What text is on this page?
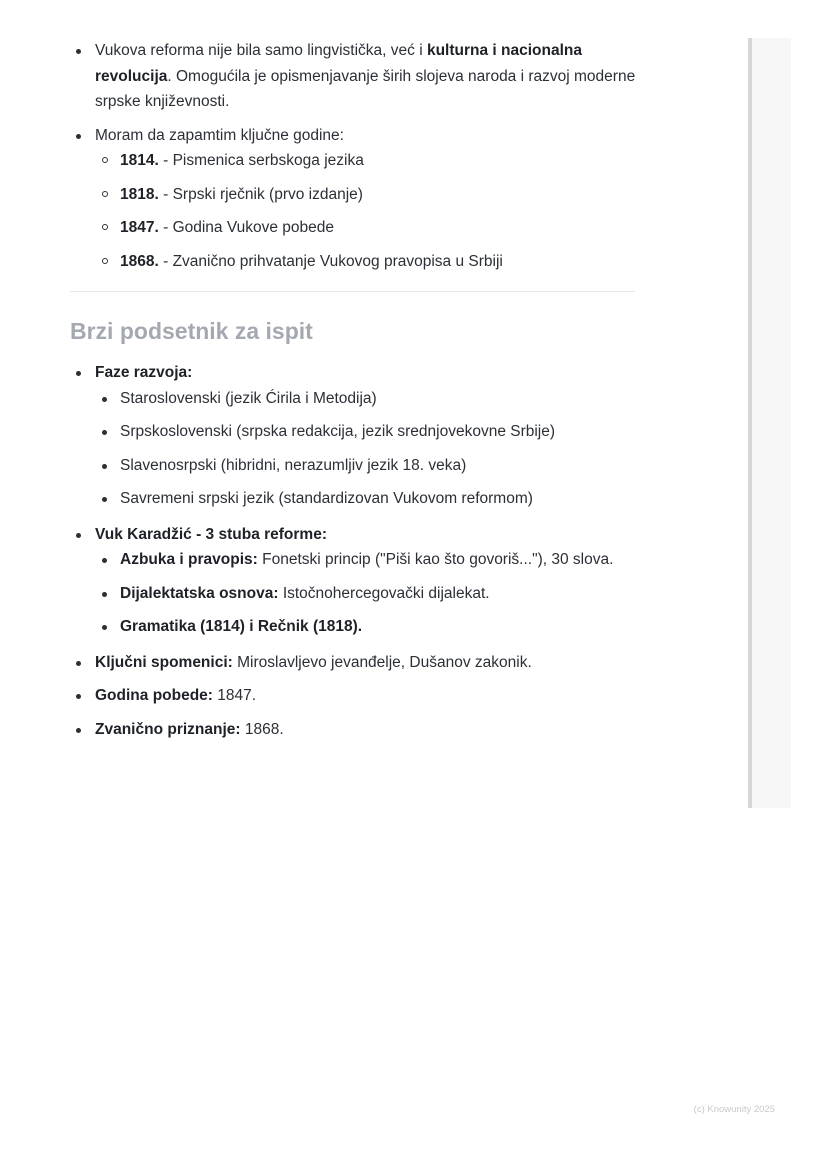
Vukova reforma nije bila samo lingvistička, već i kulturna i nacionalna revolucija. Omogućila je opismenjavanje širih slojeva naroda i razvoj moderne srpske književnosti.
Moram da zapamtim ključne godine:
1814. - Pismenica serbskoga jezika
1818. - Srpski rječnik (prvo izdanje)
1847. - Godina Vukove pobede
1868. - Zvanično prihvatanje Vukovog pravopisa u Srbiji
Brzi podsetnik za ispit
Faze razvoja:
Staroslovenski (jezik Ćirila i Metodija)
Srpskoslovenski (srpska redakcija, jezik srednjovekovne Srbije)
Slavenosrpski (hibridni, nerazumljiv jezik 18. veka)
Savremeni srpski jezik (standardizovan Vukovom reformom)
Vuk Karadžić - 3 stuba reforme:
Azbuka i pravopis: Fonetski princip ("Piši kao što govoriš..."), 30 slova.
Dijalektatska osnova: Istočnohercegovački dijalekat.
Gramatika (1814) i Rečnik (1818).
Ključni spomenici: Miroslavljevo jevanđelje, Dušanov zakonik.
Godina pobede: 1847.
Zvanično priznanje: 1868.
(c) Knowunity 2025
